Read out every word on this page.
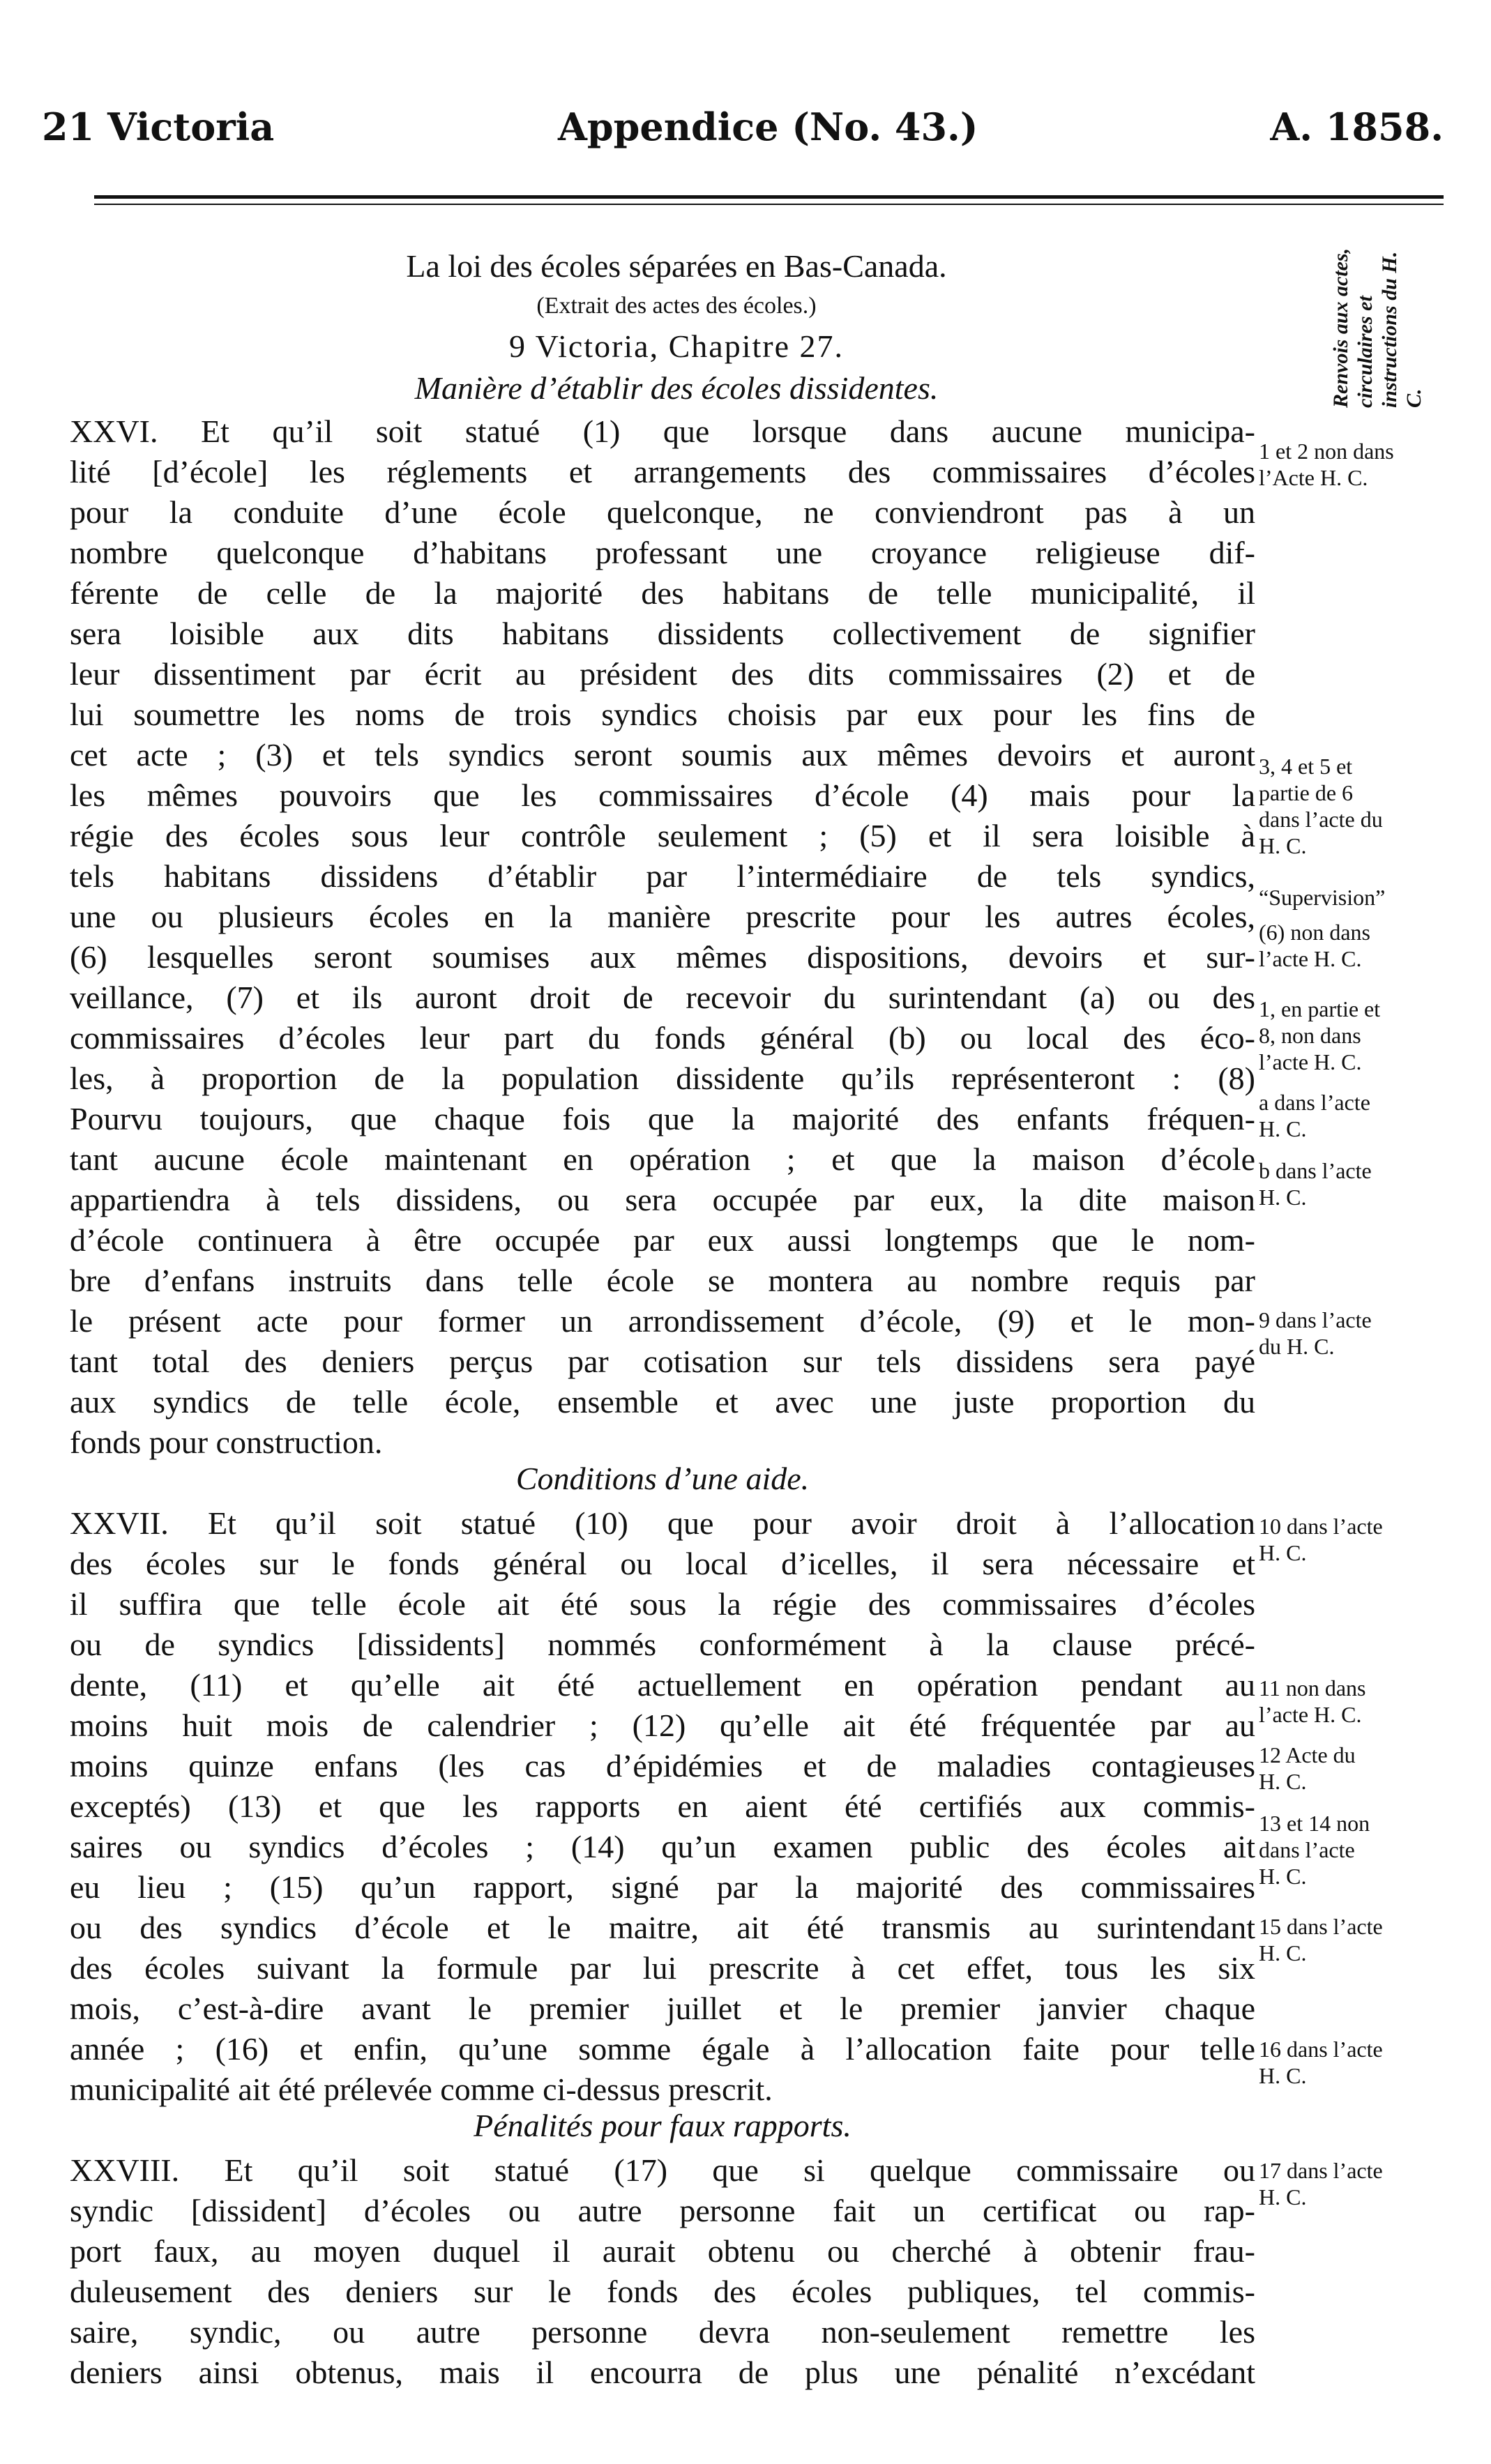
21 Victoria	Appendice (No. 43.)	A. 1858.
Renvois aux actes, circulaires et instructions du H. C.
La loi des écoles séparées en Bas-Canada.
(Extrait des actes des écoles.)
9 Victoria, Chapitre 27.
Manière d’établir des écoles dissidentes.
XXVI. Et qu’il soit statué (1) que lorsque dans aucune municipa-
lité [d’école] les réglements et arrangements des commissaires d’écoles
pour la conduite d’une école quelconque, ne conviendront pas à un
nombre quelconque d’habitans professant une croyance religieuse dif-
férente de celle de la majorité des habitans de telle municipalité, il
sera loisible aux dits habitans dissidents collectivement de signifier
leur dissentiment par écrit au président des dits commissaires (2) et de
lui soumettre les noms de trois syndics choisis par eux pour les fins de
cet acte ; (3) et tels syndics seront soumis aux mêmes devoirs et auront
les mêmes pouvoirs que les commissaires d’école (4) mais pour la
régie des écoles sous leur contrôle seulement ; (5) et il sera loisible à
tels habitans dissidens d’établir par l’intermédiaire de tels syndics,
une ou plusieurs écoles en la manière prescrite pour les autres écoles,
(6) lesquelles seront soumises aux mêmes dispositions, devoirs et sur-
veillance, (7) et ils auront droit de recevoir du surintendant (a) ou des
commissaires d’écoles leur part du fonds général (b) ou local des éco-
les, à proportion de la population dissidente qu’ils représenteront : (8)
Pourvu toujours, que chaque fois que la majorité des enfants fréquen-
tant aucune école maintenant en opération ; et que la maison d’école
appartiendra à tels dissidens, ou sera occupée par eux, la dite maison
d’école continuera à être occupée par eux aussi longtemps que le nom-
bre d’enfans instruits dans telle école se montera au nombre requis par
le présent acte pour former un arrondissement d’école, (9) et le mon-
tant total des deniers perçus par cotisation sur tels dissidens sera payé
aux syndics de telle école, ensemble et avec une juste proportion du
fonds pour construction.
Conditions d’une aide.
XXVII. Et qu’il soit statué (10) que pour avoir droit à l’allocation
des écoles sur le fonds général ou local d’icelles, il sera nécessaire et
il suffira que telle école ait été sous la régie des commissaires d’écoles
ou de syndics [dissidents] nommés conformément à la clause précé-
dente, (11) et qu’elle ait été actuellement en opération pendant au
moins huit mois de calendrier ; (12) qu’elle ait été fréquentée par au
moins quinze enfans (les cas d’épidémies et de maladies contagieuses
exceptés) (13) et que les rapports en aient été certifiés aux commis-
saires ou syndics d’écoles ; (14) qu’un examen public des écoles ait
eu lieu ; (15) qu’un rapport, signé par la majorité des commissaires
ou des syndics d’école et le maitre, ait été transmis au surintendant
des écoles suivant la formule par lui prescrite à cet effet, tous les six
mois, c’est-à-dire avant le premier juillet et le premier janvier chaque
année ; (16) et enfin, qu’une somme égale à l’allocation faite pour telle
municipalité ait été prélevée comme ci-dessus prescrit.
Pénalités pour faux rapports.
XXVIII. Et qu’il soit statué (17) que si quelque commissaire ou
syndic [dissident] d’écoles ou autre personne fait un certificat ou rap-
port faux, au moyen duquel il aurait obtenu ou cherché à obtenir frau-
duleusement des deniers sur le fonds des écoles publiques, tel commis-
saire, syndic, ou autre personne devra non-seulement remettre les
deniers ainsi obtenus, mais il encourra de plus une pénalité n’excédant
1 et 2 non dans
l’Acte H. C.
3, 4 et 5 et
partie de 6
dans l’acte du
H. C.
“Supervision”
(6) non dans
l’acte H. C.
1, en partie et
8, non dans
l’acte H. C.
a dans l’acte
H. C.
b dans l’acte
H. C.
9 dans l’acte
du H. C.
10 dans l’acte
H. C.
11 non dans
l’acte H. C.
12 Acte du
H. C.
13 et 14 non
dans l’acte
H. C.
15 dans l’acte
H. C.
16 dans l’acte
H. C.
17 dans l’acte
H. C.
